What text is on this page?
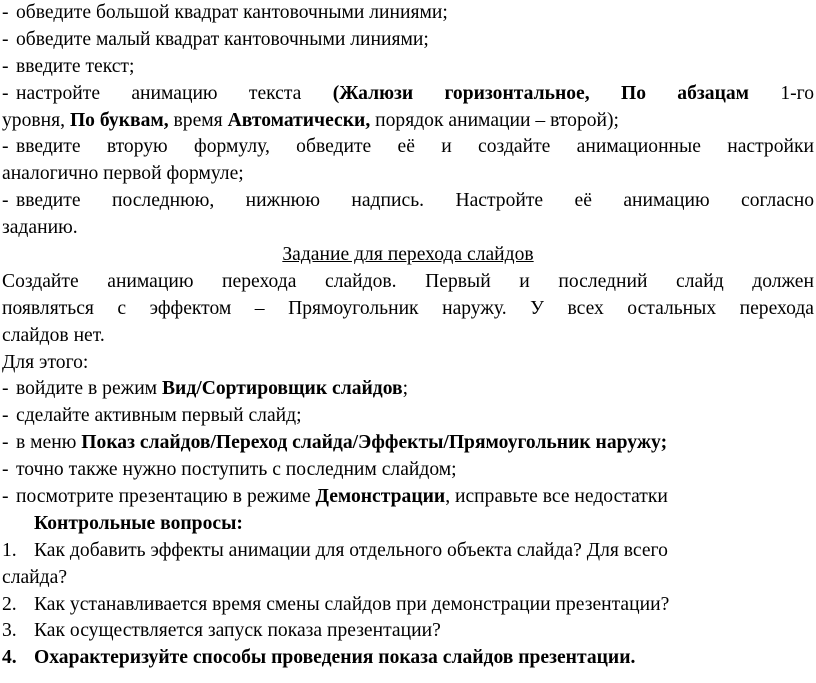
- обведите большой квадрат кантовочными линиями;
- обведите малый квадрат кантовочными линиями;
- введите текст;
- настройте анимацию текста (Жалюзи горизонтальное, По абзацам 1-го
уровня, По буквам, время Автоматически, порядок анимации – второй);
- введите вторую формулу, обведите её и создайте анимационные настройки
аналогично первой формуле;
- введите последнюю, нижнюю надпись. Настройте её анимацию согласно
заданию.
Задание для перехода слайдов
Создайте анимацию перехода слайдов. Первый и последний слайд должен
появляться с эффектом – Прямоугольник наружу. У всех остальных перехода
слайдов нет.
Для этого:
- войдите в режим Вид/Сортировщик слайдов;
- сделайте активным первый слайд;
- в меню Показ слайдов/Переход слайда/Эффекты/Прямоугольник наружу;
- точно также нужно поступить с последним слайдом;
- посмотрите презентацию в режиме Демонстрации, исправьте все недостатки
Контрольные вопросы:
1. Как добавить эффекты анимации для отдельного объекта слайда? Для всего
слайда?
2. Как устанавливается время смены слайдов при демонстрации презентации?
3. Как осуществляется запуск показа презентации?
4. Охарактеризуйте способы проведения показа слайдов презентации.
